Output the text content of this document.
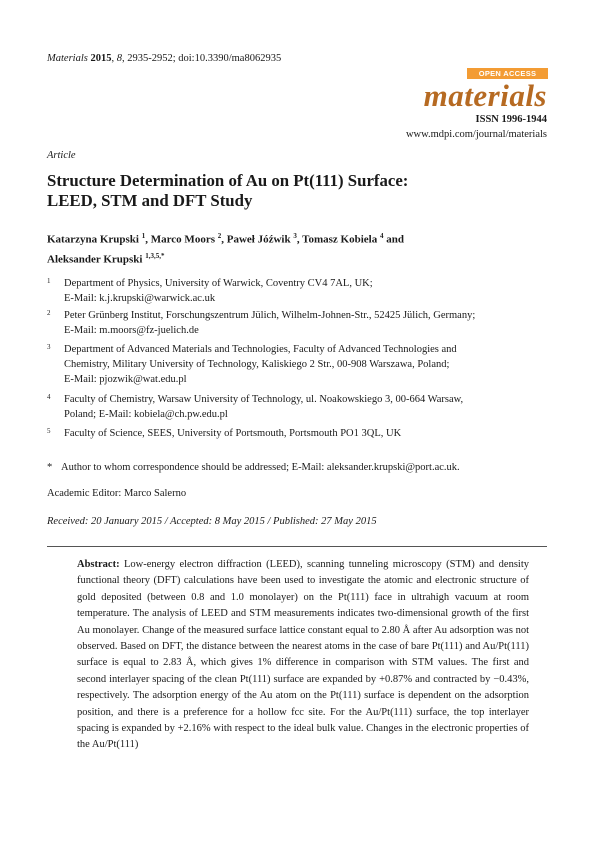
Materials 2015, 8, 2935-2952; doi:10.3390/ma8062935
OPEN ACCESS
materials
ISSN 1996-1944
www.mdpi.com/journal/materials
Article
Structure Determination of Au on Pt(111) Surface:
LEED, STM and DFT Study
Katarzyna Krupski $^1$, Marco Moors $^2$, Paweł Jóźwik $^3$, Tomasz Kobiela $^4$ and
Aleksander Krupski $^{1,3,5,*}$
1 Department of Physics, University of Warwick, Coventry CV4 7AL, UK;
E-Mail: k.j.krupski@warwick.ac.uk
2 Peter Grünberg Institut, Forschungszentrum Jülich, Wilhelm-Johnen-Str., 52425 Jülich, Germany;
E-Mail: m.moors@fz-juelich.de
3 Department of Advanced Materials and Technologies, Faculty of Advanced Technologies and
Chemistry, Military University of Technology, Kaliskiego 2 Str., 00-908 Warszawa, Poland;
E-Mail: pjozwik@wat.edu.pl
4 Faculty of Chemistry, Warsaw University of Technology, ul. Noakowskiego 3, 00-664 Warsaw,
Poland; E-Mail: kobiela@ch.pw.edu.pl
5 Faculty of Science, SEES, University of Portsmouth, Portsmouth PO1 3QL, UK
* Author to whom correspondence should be addressed; E-Mail: aleksander.krupski@port.ac.uk.
Academic Editor: Marco Salerno
Received: 20 January 2015 / Accepted: 8 May 2015 / Published: 27 May 2015
Abstract: Low-energy electron diffraction (LEED), scanning tunneling microscopy (STM) and density functional theory (DFT) calculations have been used to investigate the atomic and electronic structure of gold deposited (between 0.8 and 1.0 monolayer) on the Pt(111) face in ultrahigh vacuum at room temperature. The analysis of LEED and STM measurements indicates two-dimensional growth of the first Au monolayer. Change of the measured surface lattice constant equal to 2.80 Å after Au adsorption was not observed. Based on DFT, the distance between the nearest atoms in the case of bare Pt(111) and Au/Pt(111) surface is equal to 2.83 Å, which gives 1% difference in comparison with STM values. The first and second interlayer spacing of the clean Pt(111) surface are expanded by +0.87% and contracted by −0.43%, respectively. The adsorption energy of the Au atom on the Pt(111) surface is dependent on the adsorption position, and there is a preference for a hollow fcc site. For the Au/Pt(111) surface, the top interlayer spacing is expanded by +2.16% with respect to the ideal bulk value. Changes in the electronic properties of the Au/Pt(111)
